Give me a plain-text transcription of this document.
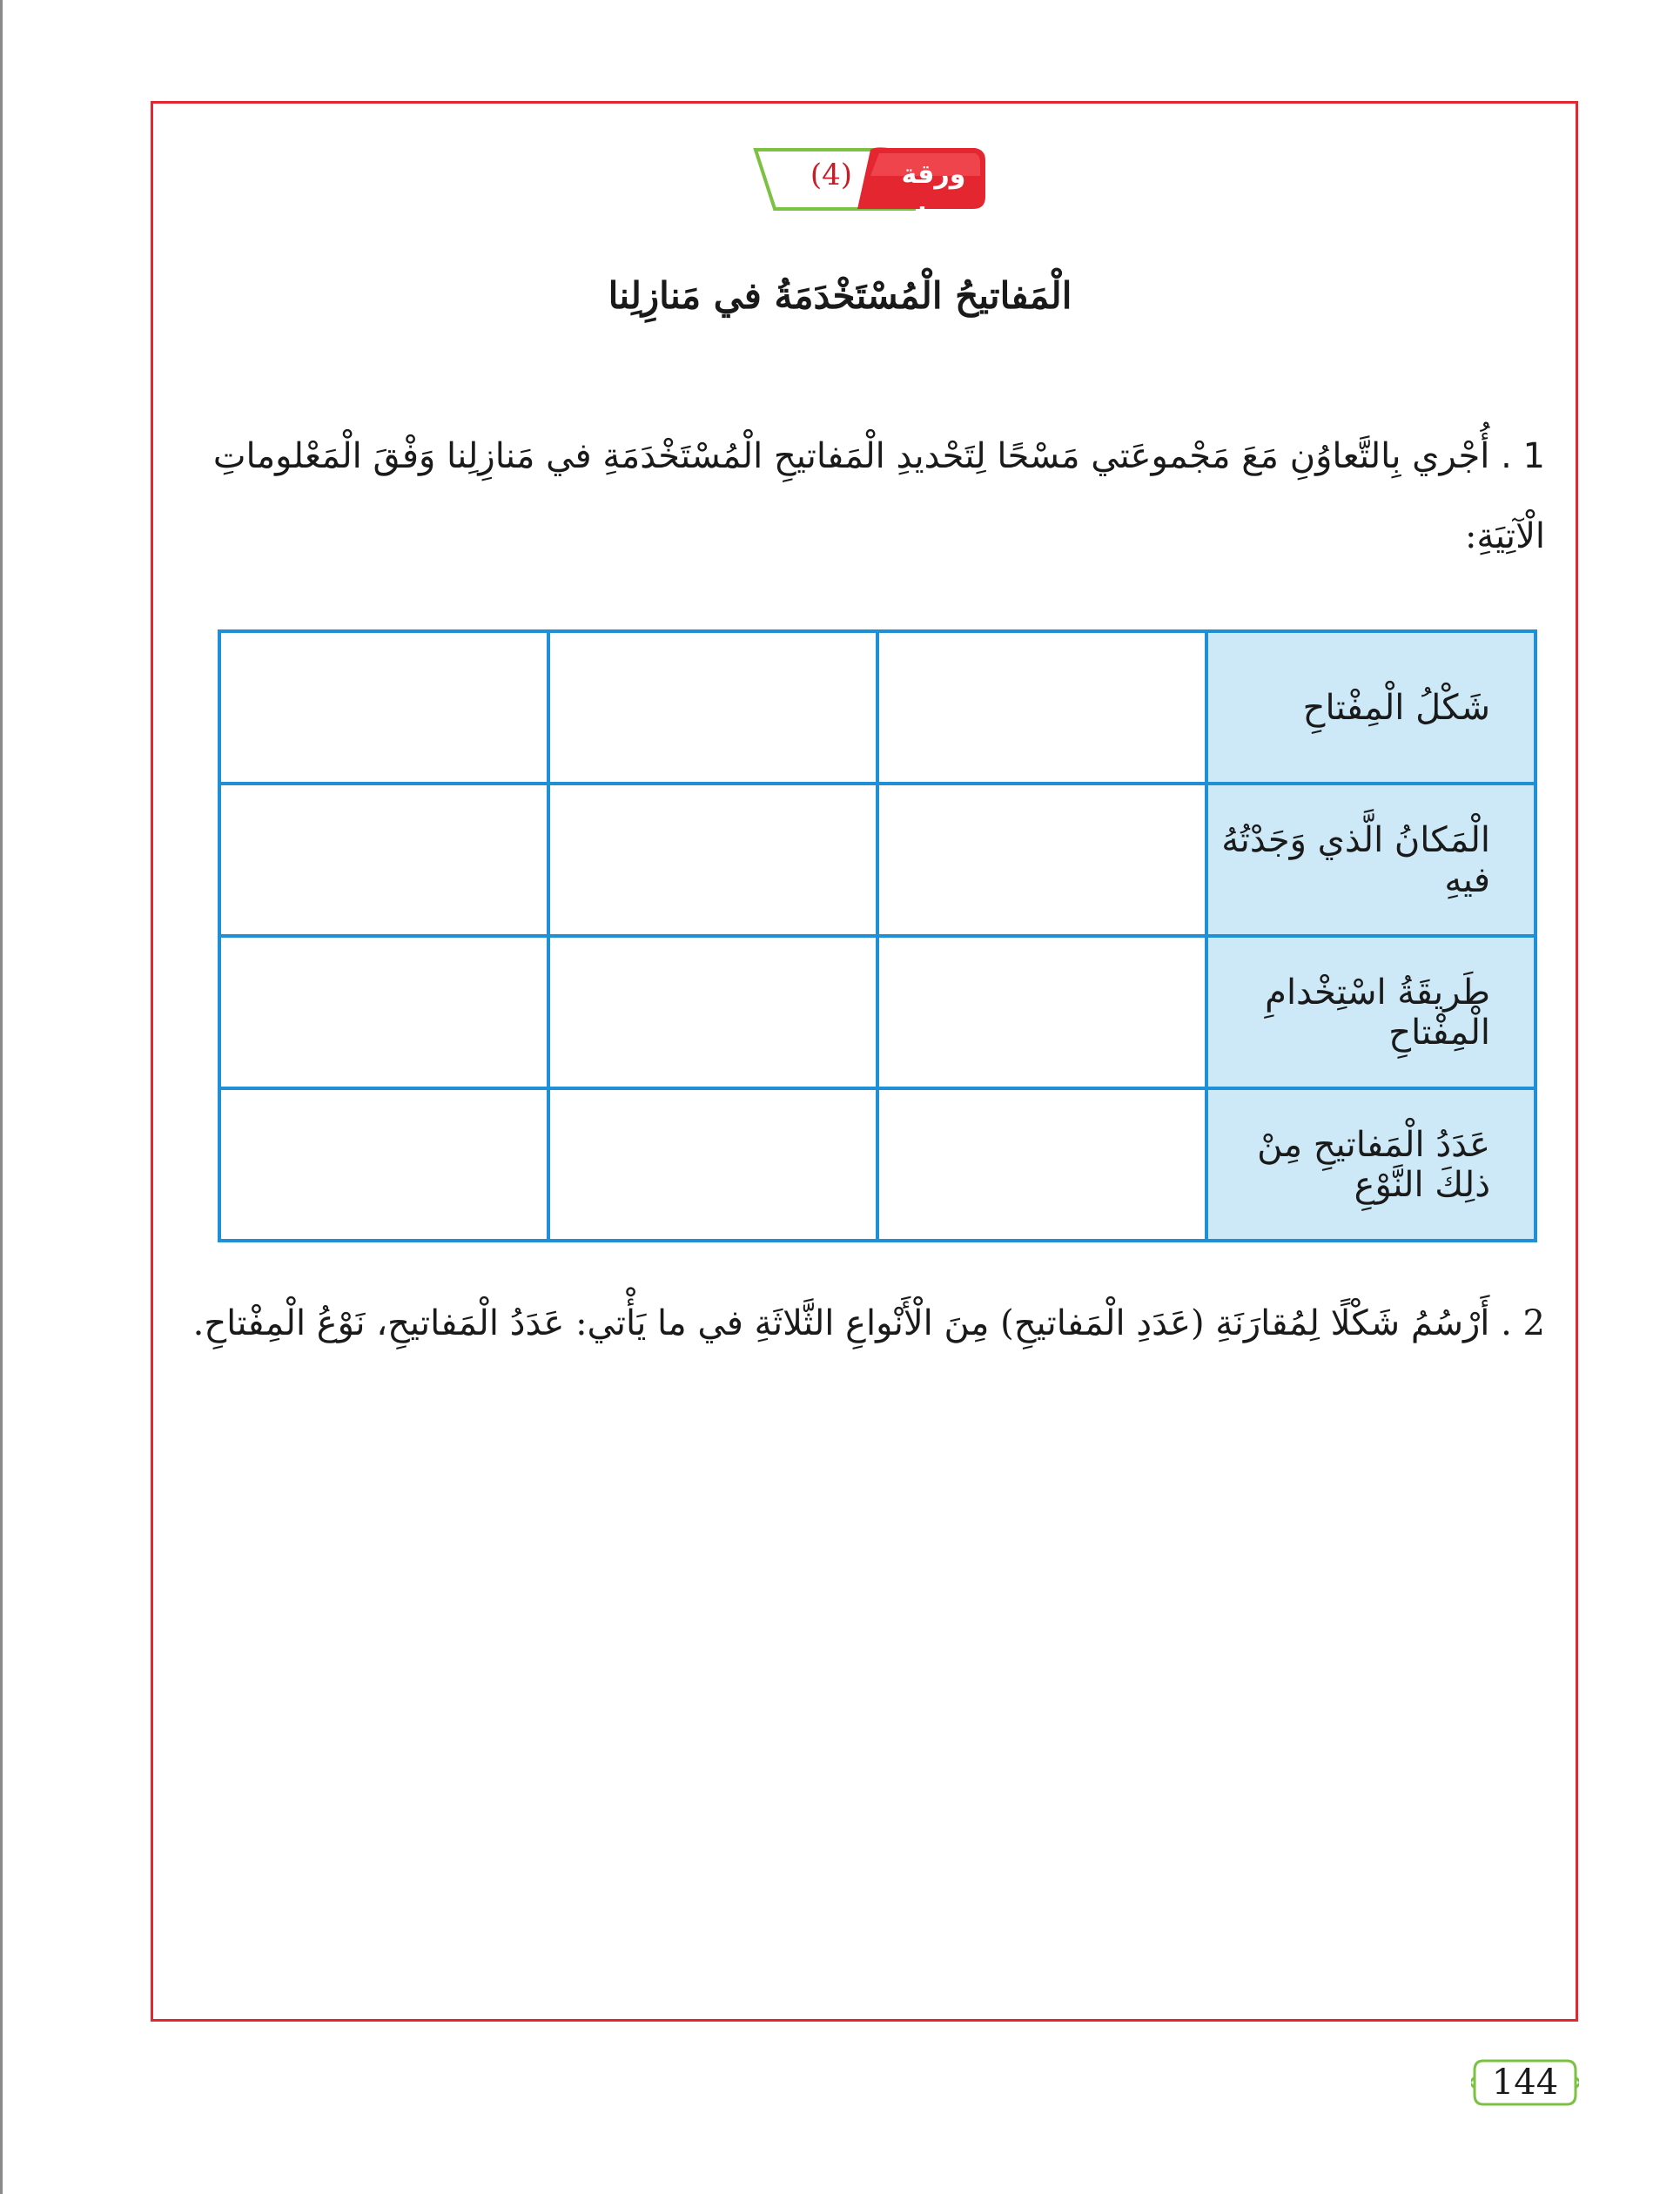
(4)	ورقة عمل
الْمَفاتيحُ الْمُسْتَخْدَمَةُ في مَنازِلِنا
1 . أُجْري بِالتَّعاوُنِ مَعَ مَجْموعَتي مَسْحًا لِتَحْديدِ الْمَفاتيحِ الْمُسْتَخْدَمَةِ في مَنازِلِنا وَفْقَ الْمَعْلوماتِ الْآتِيَةِ:
شَكْلُ الْمِفْتاحِ			
الْمَكانُ الَّذي وَجَدْتُهُ فيهِ			
طَريقَةُ اسْتِخْدامِ الْمِفْتاحِ			
عَدَدُ الْمَفاتيحِ مِنْ ذلِكَ النَّوْعِ			
2 . أَرْسُمُ شَكْلًا لِمُقارَنَةِ (عَدَدِ الْمَفاتيحِ) مِنَ الْأَنْواعِ الثَّلاثَةِ في ما يَأْتي: عَدَدُ الْمَفاتيحِ، نَوْعُ الْمِفْتاحِ.
144
